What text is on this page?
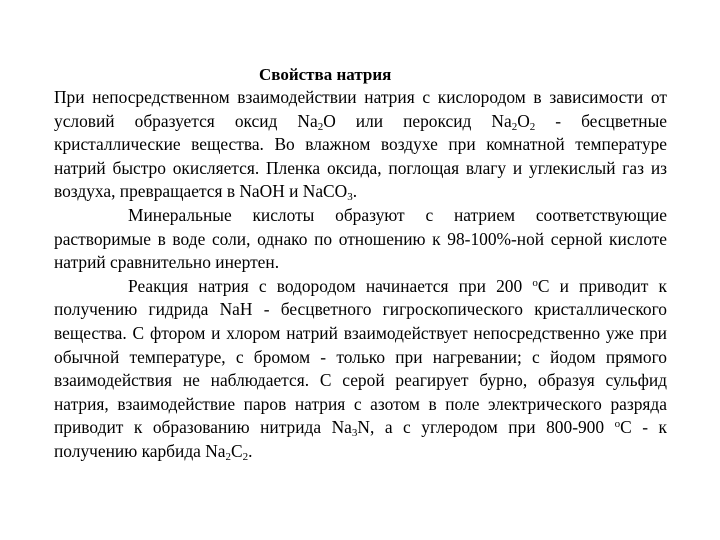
Свойства натрия

При непосредственном взаимодействии натрия с кислородом в зависимости от условий образуется оксид $Na_2O$ или пероксид $Na_2O_2$ - бесцветные кристаллические вещества. Во влажном воздухе при комнатной температуре натрий быстро окисляется. Пленка оксида, поглощая влагу и углекислый газ из воздуха, превращается в NaOH и NaCO$_3$.

Минеральные кислоты образуют с натрием соответствующие растворимые в воде соли, однако по отношению к 98-100%-ной серной кислоте натрий сравнительно инертен.

Реакция натрия с водородом начинается при 200 $^o$С и приводит к получению гидрида NaH - бесцветного гигроскопического кристаллического вещества. С фтором и хлором натрий взаимодействует непосредственно уже при обычной температуре, с бромом - только при нагревании; с йодом прямого взаимодействия не наблюдается. С серой реагирует бурно, образуя сульфид натрия, взаимодействие паров натрия с азотом в поле электрического разряда приводит к образованию нитрида $Na_3N$, а с углеродом при 800-900 $^o$С - к получению карбида $Na_2C_2$.
